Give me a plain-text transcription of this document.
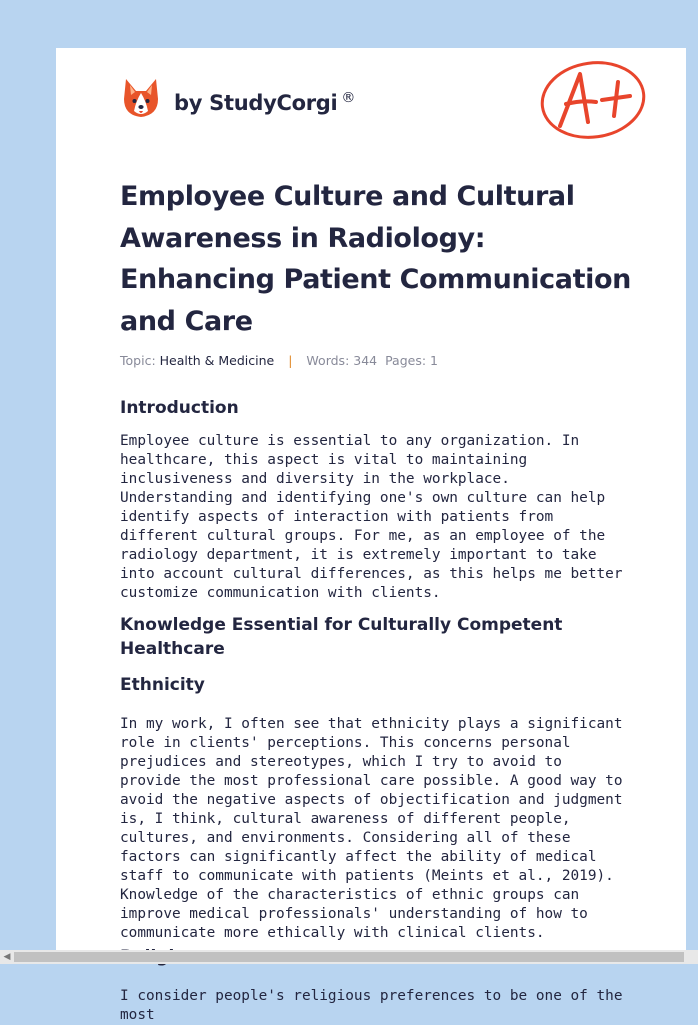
by StudyCorgi ®
Employee Culture and Cultural Awareness in Radiology: Enhancing Patient Communication and Care
Topic: Health & Medicine | Words: 344 Pages: 1
Introduction

Employee culture is essential to any organization. In healthcare, this aspect is vital to maintaining inclusiveness and diversity in the workplace. Understanding and identifying one's own culture can help identify aspects of interaction with patients from different cultural groups. For me, as an employee of the radiology department, it is extremely important to take into account cultural differences, as this helps me better customize communication with clients.

Knowledge Essential for Culturally Competent Healthcare
Ethnicity

In my work, I often see that ethnicity plays a significant role in clients' perceptions. This concerns personal prejudices and stereotypes, which I try to avoid to provide the most professional care possible. A good way to avoid the negative aspects of objectification and judgment is, I think, cultural awareness of different people, cultures, and environments. Considering all of these factors can significantly affect the ability of medical staff to communicate with patients (Meints et al., 2019). Knowledge of the characteristics of ethnic groups can improve medical professionals' understanding of how to communicate more ethically with clinical clients.

I consider people's religious preferences to be one of the most

◀
